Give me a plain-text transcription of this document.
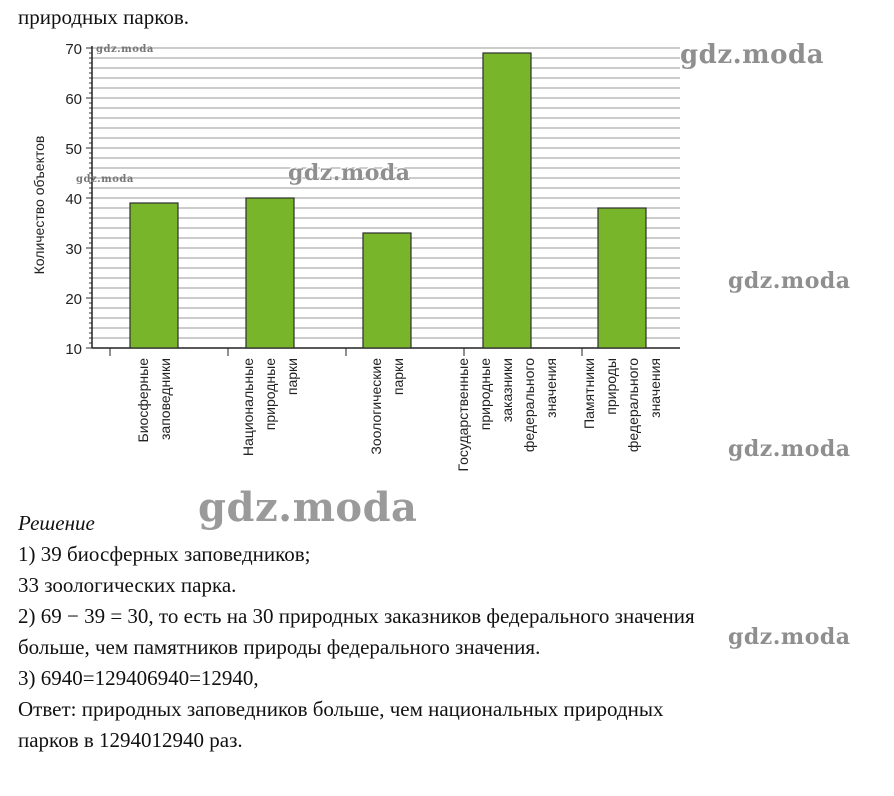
природных парков.
10
20
30
40
50
60
70
Количество объектов
Биосферные заповедники	Национальные природные парки	Зоологические парки	Государственные природные заказники федерального значения Памятники природы федерального значения
Решение
1) 39 биосферных заповедников;
33 зоологических парка.
2) 69 − 39 = 30, то есть на 30 природных заказников федерального значения
больше, чем памятников природы федерального значения.
3) 6940=129406940=12940,
Ответ: природных заповедников больше, чем национальных природных
парков в 1294012940 раз.
gdz.moda
gdz.moda
gdz.moda
gdz.moda
gdz.moda
gdz.moda
gdz.moda
gdz.moda
